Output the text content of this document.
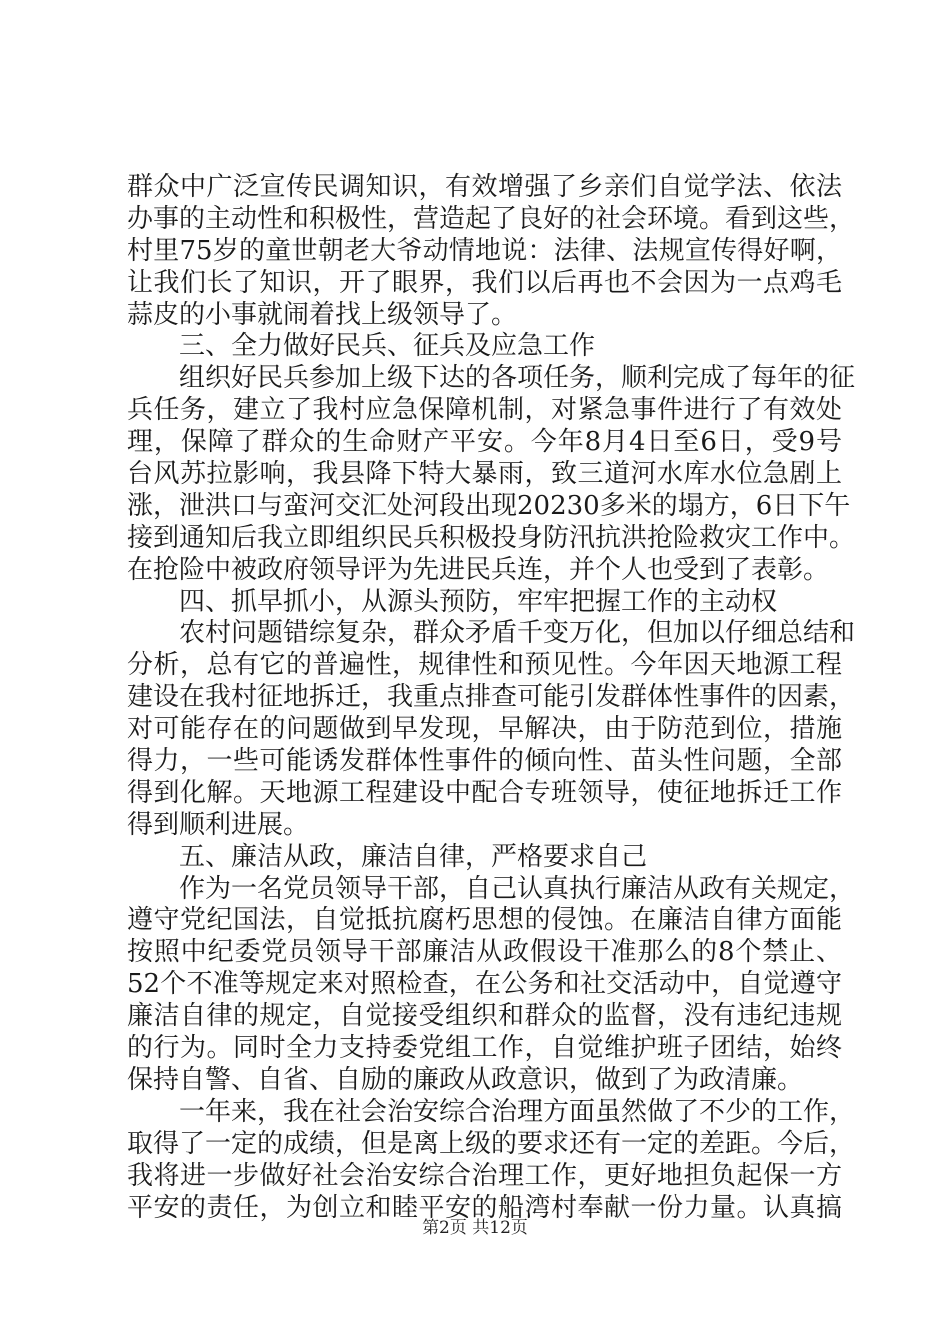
群众中广泛宣传民调知识，有效增强了乡亲们自觉学法、依法
办事的主动性和积极性，营造起了良好的社会环境。看到这些，
村里75岁的童世朝老大爷动情地说：法律、法规宣传得好啊，
让我们长了知识，开了眼界，我们以后再也不会因为一点鸡毛
蒜皮的小事就闹着找上级领导了。
三、全力做好民兵、征兵及应急工作
组织好民兵参加上级下达的各项任务，顺利完成了每年的征
兵任务，建立了我村应急保障机制，对紧急事件进行了有效处
理，保障了群众的生命财产平安。今年8月4日至6日，受9号
台风苏拉影响，我县降下特大暴雨，致三道河水库水位急剧上
涨，泄洪口与蛮河交汇处河段出现20230多米的塌方，6日下午
接到通知后我立即组织民兵积极投身防汛抗洪抢险救灾工作中。
在抢险中被政府领导评为先进民兵连，并个人也受到了表彰。
四、抓早抓小，从源头预防，牢牢把握工作的主动权
农村问题错综复杂，群众矛盾千变万化，但加以仔细总结和
分析，总有它的普遍性，规律性和预见性。今年因天地源工程
建设在我村征地拆迁，我重点排查可能引发群体性事件的因素，
对可能存在的问题做到早发现，早解决，由于防范到位，措施
得力，一些可能诱发群体性事件的倾向性、苗头性问题，全部
得到化解。天地源工程建设中配合专班领导，使征地拆迁工作
得到顺利进展。
五、廉洁从政，廉洁自律，严格要求自己
作为一名党员领导干部，自己认真执行廉洁从政有关规定，
遵守党纪国法，自觉抵抗腐朽思想的侵蚀。在廉洁自律方面能
按照中纪委党员领导干部廉洁从政假设干准那么的8个禁止、
52个不准等规定来对照检查，在公务和社交活动中，自觉遵守
廉洁自律的规定，自觉接受组织和群众的监督，没有违纪违规
的行为。同时全力支持委党组工作，自觉维护班子团结，始终
保持自警、自省、自励的廉政从政意识，做到了为政清廉。
一年来，我在社会治安综合治理方面虽然做了不少的工作，
取得了一定的成绩，但是离上级的要求还有一定的差距。今后，
我将进一步做好社会治安综合治理工作，更好地担负起保一方
平安的责任，为创立和睦平安的船湾村奉献一份力量。认真搞
第2页 共12页
